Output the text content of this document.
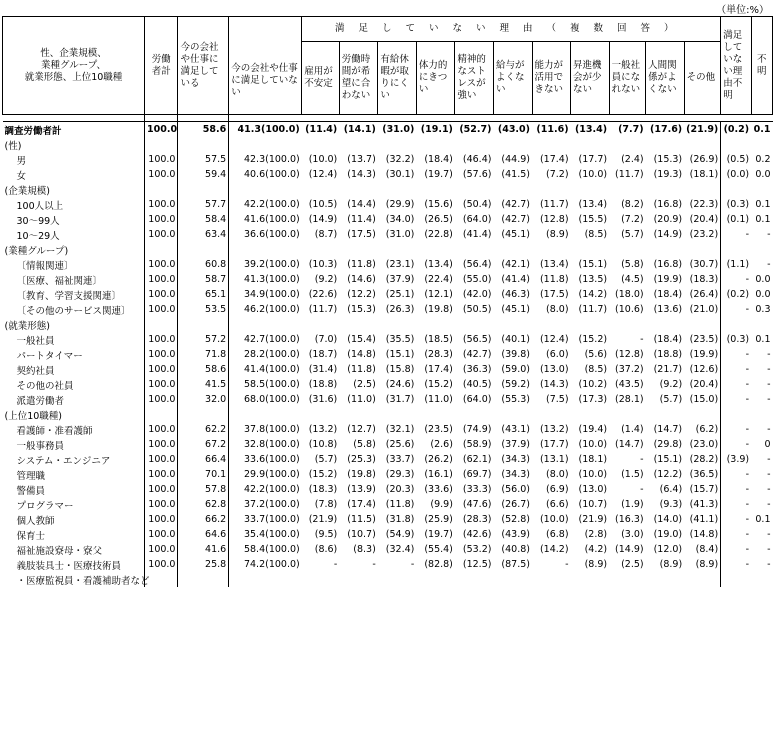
（単位:%）
性、企業規模、
業種グループ、
就業形態、上位10職種	労働者計	今の会社や仕事に満足している	今の会社や仕事に満足していない	満足していない理由（複数回答）											満足していない理由不明	不明
				雇用が不安定	労働時間が希望に合わない	有給休暇が取りにくい	体力的にきつい	精神的なストレスが強い	給与がよくない	能力が活用できない	昇進機会が少ない	一般社員になれない	人間関係がよくない	その他		

調査労働者計	100.0	58.6	41.3(100.0)	(11.4)	(14.1)	(31.0)	(19.1)	(52.7)	(43.0)	(11.6)	(13.4)	(7.7)	(17.6)	(21.9)	(0.2)	0.1
(性)																
男	100.0	57.5	42.3(100.0)	(10.0)	(13.7)	(32.2)	(18.4)	(46.4)	(44.9)	(17.4)	(17.7)	(2.4)	(15.3)	(26.9)	(0.5)	0.2
女	100.0	59.4	40.6(100.0)	(12.4)	(14.3)	(30.1)	(19.7)	(57.6)	(41.5)	(7.2)	(10.0)	(11.7)	(19.3)	(18.1)	(0.0)	0.0
(企業規模)																
100人以上	100.0	57.7	42.2(100.0)	(10.5)	(14.4)	(29.9)	(15.6)	(50.4)	(42.7)	(11.7)	(13.4)	(8.2)	(16.8)	(22.3)	(0.3)	0.1
30〜99人	100.0	58.4	41.6(100.0)	(14.9)	(11.4)	(34.0)	(26.5)	(64.0)	(42.7)	(12.8)	(15.5)	(7.2)	(20.9)	(20.4)	(0.1)	0.1
10〜29人	100.0	63.4	36.6(100.0)	(8.7)	(17.5)	(31.0)	(22.8)	(41.4)	(45.1)	(8.9)	(8.5)	(5.7)	(14.9)	(23.2)	-	-
(業種グループ)																
〔情報関連〕	100.0	60.8	39.2(100.0)	(10.3)	(11.8)	(23.1)	(13.4)	(56.4)	(42.1)	(13.4)	(15.1)	(5.8)	(16.8)	(30.7)	(1.1)	-
〔医療、福祉関連〕	100.0	58.7	41.3(100.0)	(9.2)	(14.6)	(37.9)	(22.4)	(55.0)	(41.4)	(11.8)	(13.5)	(4.5)	(19.9)	(18.3)	-	0.0
〔教育、学習支援関連〕	100.0	65.1	34.9(100.0)	(22.6)	(12.2)	(25.1)	(12.1)	(42.0)	(46.3)	(17.5)	(14.2)	(18.0)	(18.4)	(26.4)	(0.2)	0.0
〔その他のサービス関連〕	100.0	53.5	46.2(100.0)	(11.7)	(15.3)	(26.3)	(19.8)	(50.5)	(45.1)	(8.0)	(11.7)	(10.6)	(13.6)	(21.0)	-	0.3
(就業形態)																
一般社員	100.0	57.2	42.7(100.0)	(7.0)	(15.4)	(35.5)	(18.5)	(56.5)	(40.1)	(12.4)	(15.2)	-	(18.4)	(23.5)	(0.3)	0.1
パートタイマー	100.0	71.8	28.2(100.0)	(18.7)	(14.8)	(15.1)	(28.3)	(42.7)	(39.8)	(6.0)	(5.6)	(12.8)	(18.8)	(19.9)	-	-
契約社員	100.0	58.6	41.4(100.0)	(31.4)	(11.8)	(15.8)	(17.4)	(36.3)	(59.0)	(13.0)	(8.5)	(37.2)	(21.7)	(12.6)	-	-
その他の社員	100.0	41.5	58.5(100.0)	(18.8)	(2.5)	(24.6)	(15.2)	(40.5)	(59.2)	(14.3)	(10.2)	(43.5)	(9.2)	(20.4)	-	-
派遣労働者	100.0	32.0	68.0(100.0)	(31.6)	(11.0)	(31.7)	(11.0)	(64.0)	(55.3)	(7.5)	(17.3)	(28.1)	(5.7)	(15.0)	-	-
(上位10職種)																
看護師・准看護師	100.0	62.2	37.8(100.0)	(13.2)	(12.7)	(32.1)	(23.5)	(74.9)	(43.1)	(13.2)	(19.4)	(1.4)	(14.7)	(6.2)	-	-
一般事務員	100.0	67.2	32.8(100.0)	(10.8)	(5.8)	(25.6)	(2.6)	(58.9)	(37.9)	(17.7)	(10.0)	(14.7)	(29.8)	(23.0)	-	0
システム・エンジニア	100.0	66.4	33.6(100.0)	(5.7)	(25.3)	(33.7)	(26.2)	(62.1)	(34.3)	(13.1)	(18.1)	-	(15.1)	(28.2)	(3.9)	-
管理職	100.0	70.1	29.9(100.0)	(15.2)	(19.8)	(29.3)	(16.1)	(69.7)	(34.3)	(8.0)	(10.0)	(1.5)	(12.2)	(36.5)	-	-
警備員	100.0	57.8	42.2(100.0)	(18.3)	(13.9)	(20.3)	(33.6)	(33.3)	(56.0)	(6.9)	(13.0)	-	(6.4)	(15.7)	-	-
プログラマー	100.0	62.8	37.2(100.0)	(7.8)	(17.4)	(11.8)	(9.9)	(47.6)	(26.7)	(6.6)	(10.7)	(1.9)	(9.3)	(41.3)	-	-
個人教師	100.0	66.2	33.7(100.0)	(21.9)	(11.5)	(31.8)	(25.9)	(28.3)	(52.8)	(10.0)	(21.9)	(16.3)	(14.0)	(41.1)	-	0.1
保育士	100.0	64.6	35.4(100.0)	(9.5)	(10.7)	(54.9)	(19.7)	(42.6)	(43.9)	(6.8)	(2.8)	(3.0)	(19.0)	(14.8)	-	-
福祉施設寮母・寮父	100.0	41.6	58.4(100.0)	(8.6)	(8.3)	(32.4)	(55.4)	(53.2)	(40.8)	(14.2)	(4.2)	(14.9)	(12.0)	(8.4)	-	-
義肢装具士・医療技術員	100.0	25.8	74.2(100.0)	-	-	-	(82.8)	(12.5)	(87.5)	-	(8.9)	(2.5)	(8.9)	(8.9)	-	-
・医療監視員・看護補助者など																
